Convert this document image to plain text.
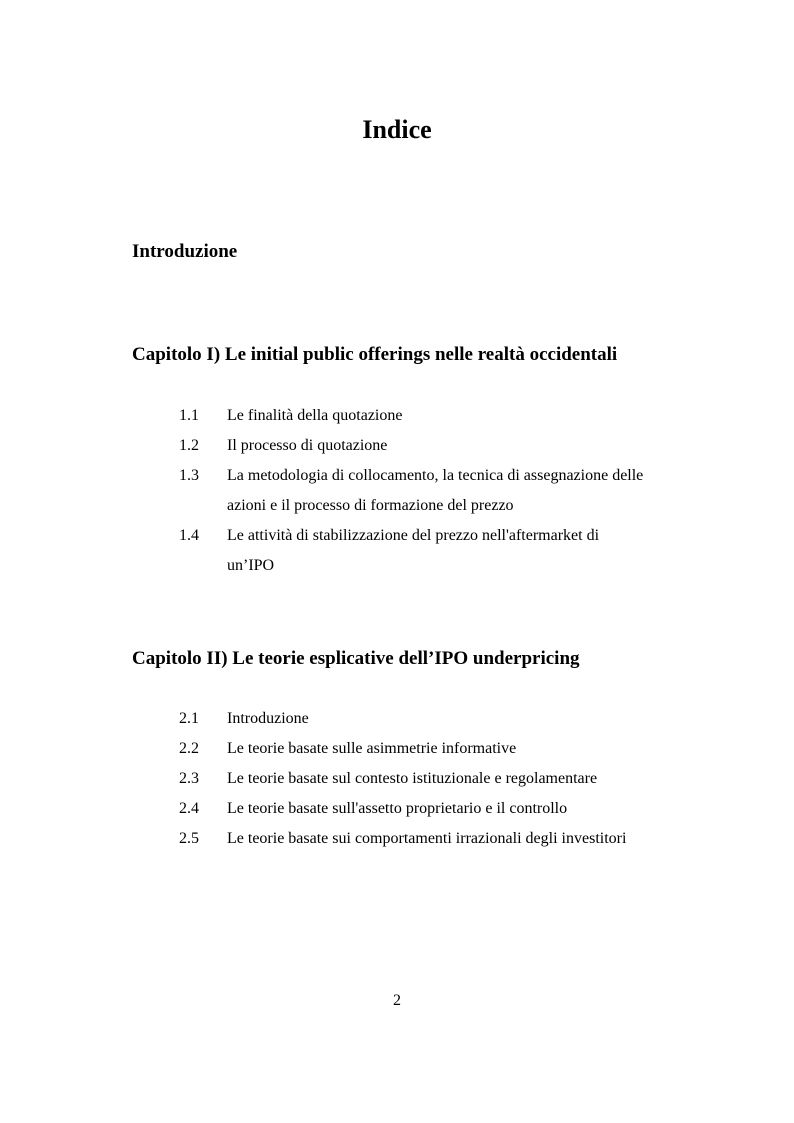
Indice
Introduzione
Capitolo I) Le initial public offerings nelle realtà occidentali
1.1	Le finalità della quotazione
1.2	Il processo di quotazione
1.3	La metodologia di collocamento, la tecnica di assegnazione delle
azioni e il processo di formazione del prezzo
1.4	Le attività di stabilizzazione del prezzo nell'aftermarket di
un’IPO
Capitolo II) Le teorie esplicative dell’IPO underpricing
2.1	Introduzione
2.2	Le teorie basate sulle asimmetrie informative
2.3	Le teorie basate sul contesto istituzionale e regolamentare
2.4	Le teorie basate sull'assetto proprietario e il controllo
2.5	Le teorie basate sui comportamenti irrazionali degli investitori
2
